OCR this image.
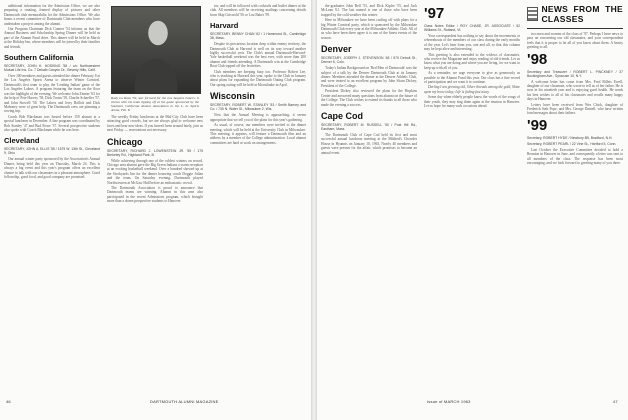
additional information for the Admission Office, we are also preparing a rotating, framed display of pictures and other Dartmouth club memorabilia for the Admissions Office. We also honor a recent committee of Dartmouth Club members who have undertaken a project among the alumni.

Our Program Chairman Dick Cramer '54 informs us that the Annual Business and Scholarship Spring Dinner will be held as part of the Alumni Fund drive. This dinner will be held in March at the Holiday Inn, where members will be joined by their families and friends.

Southern California
SECRETARY, JOHN H. HOSKING '58 / c/o Northwestern Mutual Life Ins. Co. 7 Dekalb Canyon Dr., Beverly Hills, Calif.

Over 100 members and guests attended the dinner February 8 at the Los Angeles Sports Arena to observe Winter Carnival. Dartmouth's first team to play the 'Leading Indian' game of the Los Angeles Lakers. A program featuring the team on the floor was the highlight of the evening. We welcome John Zenner '63 for the help of Pete Harvey '58, Dick Tosim '58, Charlie Schaeffer '57, and John Stowell '58. The Lakers and Jerry Ballick and Dick Mahoney were of great help. The Dartmouth crew are planning a rowing trip.

Coach Bob Blackman was hosted before 150 alumni at a special luncheon in December. A fine program was coordinated by Bob Stanley '47 and Bud Rowe '37. Several prospective students also spoke with Coach Blackman while he was here.

Cleveland
SECRETARY, JOHN A. ELLIS '55 / 1575 W. 13th St., Cleveland 9, Ohio

Our annual winter party sponsored by the Association's Annual Dinner, being held this year on Thursday, March 24. This is always a big event and this year's program offers an excellent chance to talk with our classmates in a pleasant atmosphere. Good fellowship, good food, and good company are promised.

Rudy La Rosa '59, star forward for the Los Angeles Lakers, is shown with his team tipping off at the game sponsored by the Southern California Alumni Association in the L. A. Sports Arena, Feb. 8.

The weekly Friday luncheons at the Mid-City Club have been attracting good crowds, but we are always glad to welcome new faces and hear new ideas. If you haven't been around lately, join us next Friday — reservations not necessary.

Chicago
SECRETARY, RICHARD J. LOWENSTEIN JR. '55 / 175 Berkeley Rd., Highland Park, Ill.

While achieving through one of the coldest winters on record, Chicago area alumni gave the Big Green Indians a warm reception at an exciting basketball weekend. Over a hundred showed up at the Stockyards Inn for the dinner honoring coach Doggie Julian and the team. On Saturday evening, Dartmouth played Northwestern at McGaw Hall before an enthusiastic crowd.

The Dartmouth Association is proud to announce that Dartmouth teams are winning. Alumni in this area also participated in the recent Admissions program, which brought more than a dozen prospective students to Hanover.

ers, and will be followed with cocktails and buffet dinner at the club. All members will be receiving mailings concerning details from Skip Griswold '56 or Lou Baker '59.

Harvard
SECRETARY, BENNY CHAN '62 / 1 Hammond St., Cambridge 38, Mass.

Despite its precarious location deep within enemy territory, the Dartmouth Club at Harvard is well on its way toward another highly successful year. The Club's annual Dartmouth-Harvard-Yale basketball weekend was the best ever, with more than 200 alumni and friends attending. A Dartmouth win at the Cambridge Boat Club topped off the festivities.

Club members are keeping busy too. Professor Robert Lee, who is teaching at Harvard this year, spoke to the Club in January about plans for expanding the Dartmouth Outing Club program. Our spring outing will be held at Moosilauke in April.

Wisconsin
SECRETARY, ROBERT W. STANLEY '53 / Smith Barney and Co. / 735 N. Water St., Milwaukee 2, Wis.

Now that the Annual Meeting is approaching, it seems appropriate that we tell you of the plans for this year's gathering.

As usual, of course, our members were invited to the dinner meeting, which will be held at the University Club in Milwaukee. This meeting, it appears, will feature a Dartmouth film and an address by a member of the College administration. Local alumni committees are hard at work on arrangements.

46	DARTMOUTH ALUMNI MAGAZINE

the-graduates John Bell '53, and Dick Kipfer '55, and Jack McLean '61. The last named is one of those who have been trapped by the cold weather this winter.

Here in Milwaukee we have been cooling off with plans for a big Winter Carnival party, which is sponsored by the Milwaukee Dartmouth Club every year at the Milwaukee Athletic Club. All of us who have been there agree it is one of the finest events of the season.

Denver
SECRETARY, JOSEPH J. STEVENSON '48 / 570 Detroit St., Denver 6, Colo.

Today's Indian Background on 'Red Men of Dartmouth' was the subject of a talk by the Denver Dartmouth Club at its January dinner. Members attended the dinner at the Denver Athletic Club, and were treated to an excellent program by John Sloan Dickey, President of the College.

President Dickey also reviewed the plans for the Hopkins Center and answered many questions from alumni on the future of the College. The Club wishes to extend its thanks to all those who made the evening a success.

Cape Cod
SECRETARY, ROBERT M. RUSSELL '50 / Post Hill Rd., Eastham, Mass.

The Dartmouth Club of Cape Cod held its first and most successful annual luncheon meeting at the Mildred's Chowder House in Hyannis on January 10, 1963. Nearly 40 members and guests were present for the affair, which promises to become an annual event.

'97
Class Notes Editor / ROY CHASE, JR. ASSOCIATE / 52 Williams St., Rutland, Vt.

Your correspondent has nothing to say about the movements or whereabouts of the members of our class during the early months of the year. Let's hear from you, one and all, so that this column may be kept alive and interesting.

This greeting is also extended to the widows of classmates, who receive the Magazine and enjoy reading of old friends. Let us know what you are doing and where you are living, for we want to keep up with all of you.

As a reminder, we urge everyone to give as generously as possible to the Alumni Fund this year. Our class has a fine record of participation and we want it to continue.

Darling I am growing old, Silver threads among the gold, Shine upon my brow today; Life is fading fast away.

Some day when elderly people know the words of the songs of their youth, they may sing them again at the reunion in Hanover. Let us hope for many such occasions ahead.

NEWS FROM THE CLASSES

two men and women of the class of '97. Perhaps I have news to pass on concerning our old classmates, and your correspondent feels that it is proper to let all of you know about them. A hearty greeting to all.

'98
Secretary and Treasurer / ROBERT L. PINCKNEY / 37 Buckingham Ave., Syracuse 10, N.Y.

A welcome letter has come from Mrs. Fred Billets Ewell, daughter of our classmate, who wrote to tell us of her father. He is now in his ninetieth year and is enjoying good health. He sends his best wishes to all of his classmates and recalls many happy days in Hanover.

Letters have been received from Wes Chick, daughter of Frederick Seth Pope, and Mrs. George Daniell, who have written fond messages about their fathers.

'99
Secretary, ROBERT HYDE / Newbury 8B, Bradford, N.H.
Secretary, ROBERT PEARL / 22 Vine St., Hartford 5, Conn.

Last October the Executive Committee decided to hold a Reunion in Hanover in June, and consequently a letter was sent to all members of the class. The response has been most encouraging, and we look forward to greeting many of you there.

Issue of MARCH 1963	47
